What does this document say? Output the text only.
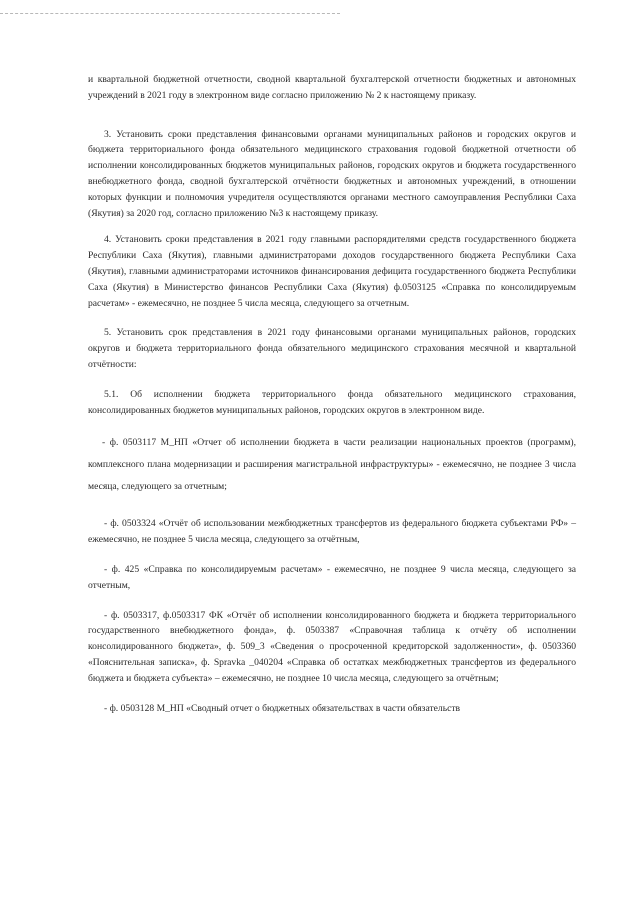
и квартальной бюджетной отчетности, сводной квартальной бухгалтерской отчетности бюджетных и автономных учреждений в 2021 году в электронном виде согласно приложению № 2 к настоящему приказу.

3. Установить сроки представления финансовыми органами муниципальных районов и городских округов и бюджета территориального фонда обязательного медицинского страхования годовой бюджетной отчетности об исполнении консолидированных бюджетов муниципальных районов, городских округов и бюджета государственного внебюджетного фонда, сводной бухгалтерской отчётности бюджетных и автономных учреждений, в отношении которых функции и полномочия учредителя осуществляются органами местного самоуправления Республики Саха (Якутия) за 2020 год, согласно приложению №3 к настоящему приказу.

4. Установить сроки представления в 2021 году главными распорядителями средств государственного бюджета Республики Саха (Якутия), главными администраторами доходов государственного бюджета Республики Саха (Якутия), главными администраторами источников финансирования дефицита государственного бюджета Республики Саха (Якутия) в Министерство финансов Республики Саха (Якутия) ф.0503125 «Справка по консолидируемым расчетам» - ежемесячно, не позднее 5 числа месяца, следующего за отчетным.

5. Установить срок представления в 2021 году финансовыми органами муниципальных районов, городских округов и бюджета территориального фонда обязательного медицинского страхования месячной и квартальной отчётности:

5.1. Об исполнении бюджета территориального фонда обязательного медицинского страхования, консолидированных бюджетов муниципальных районов, городских округов в электронном виде.

- ф. 0503117 М_НП «Отчет об исполнении бюджета в части реализации национальных проектов (программ), комплексного плана модернизации и расширения магистральной инфраструктуры» - ежемесячно, не позднее 3 числа месяца, следующего за отчетным;

- ф. 0503324 «Отчёт об использовании межбюджетных трансфертов из федерального бюджета субъектами РФ» – ежемесячно, не позднее 5 числа месяца, следующего за отчётным,

- ф. 425 «Справка по консолидируемым расчетам» - ежемесячно, не позднее 9 числа месяца, следующего за отчетным,

- ф. 0503317, ф.0503317 ФК «Отчёт об исполнении консолидированного бюджета и бюджета территориального государственного внебюджетного фонда», ф. 0503387 «Справочная таблица к отчёту об исполнении консолидированного бюджета», ф. 509_3 «Сведения о просроченной кредиторской задолженности», ф. 0503360 «Пояснительная записка», ф. Spravka _040204 «Справка об остатках межбюджетных трансфертов из федерального бюджета и бюджета субъекта» – ежемесячно, не позднее 10 числа месяца, следующего за отчётным;

- ф. 0503128 М_НП «Сводный отчет о бюджетных обязательствах в части обязательств
